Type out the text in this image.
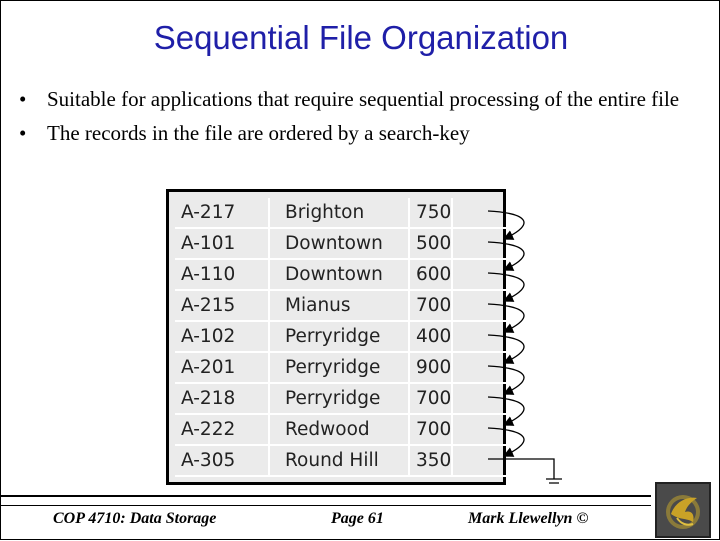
Sequential File Organization
• Suitable for applications that require sequential processing of the entire file
• The records in the file are ordered by a search-key
A-217	Brighton	750
A-101	Downtown	500
A-110	Downtown	600
A-215	Mianus	700
A-102	Perryridge	400
A-201	Perryridge	900
A-218	Perryridge	700
A-222	Redwood	700
A-305	Round Hill	350
COP 4710: Data Storage	Page 61	Mark Llewellyn ©
